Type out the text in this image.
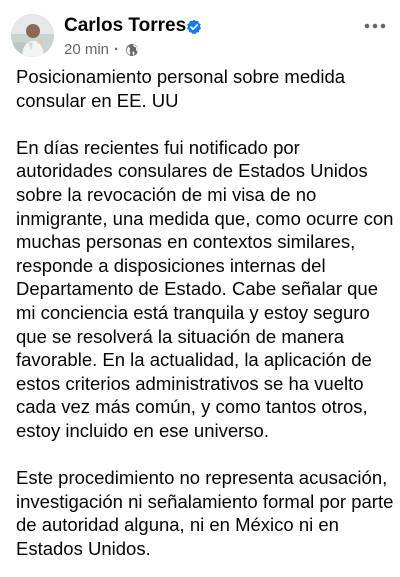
Carlos Torres
20 min ·

Posicionamiento personal sobre medida consular en EE. UU

En días recientes fui notificado por autoridades consulares de Estados Unidos sobre la revocación de mi visa de no inmigrante, una medida que, como ocurre con muchas personas en contextos similares, responde a disposiciones internas del Departamento de Estado. Cabe señalar que mi conciencia está tranquila y estoy seguro que se resolverá la situación de manera favorable. En la actualidad, la aplicación de estos criterios administrativos se ha vuelto cada vez más común, y como tantos otros, estoy incluido en ese universo.

Este procedimiento no representa acusación, investigación ni señalamiento formal por parte de autoridad alguna, ni en México ni en Estados Unidos.
